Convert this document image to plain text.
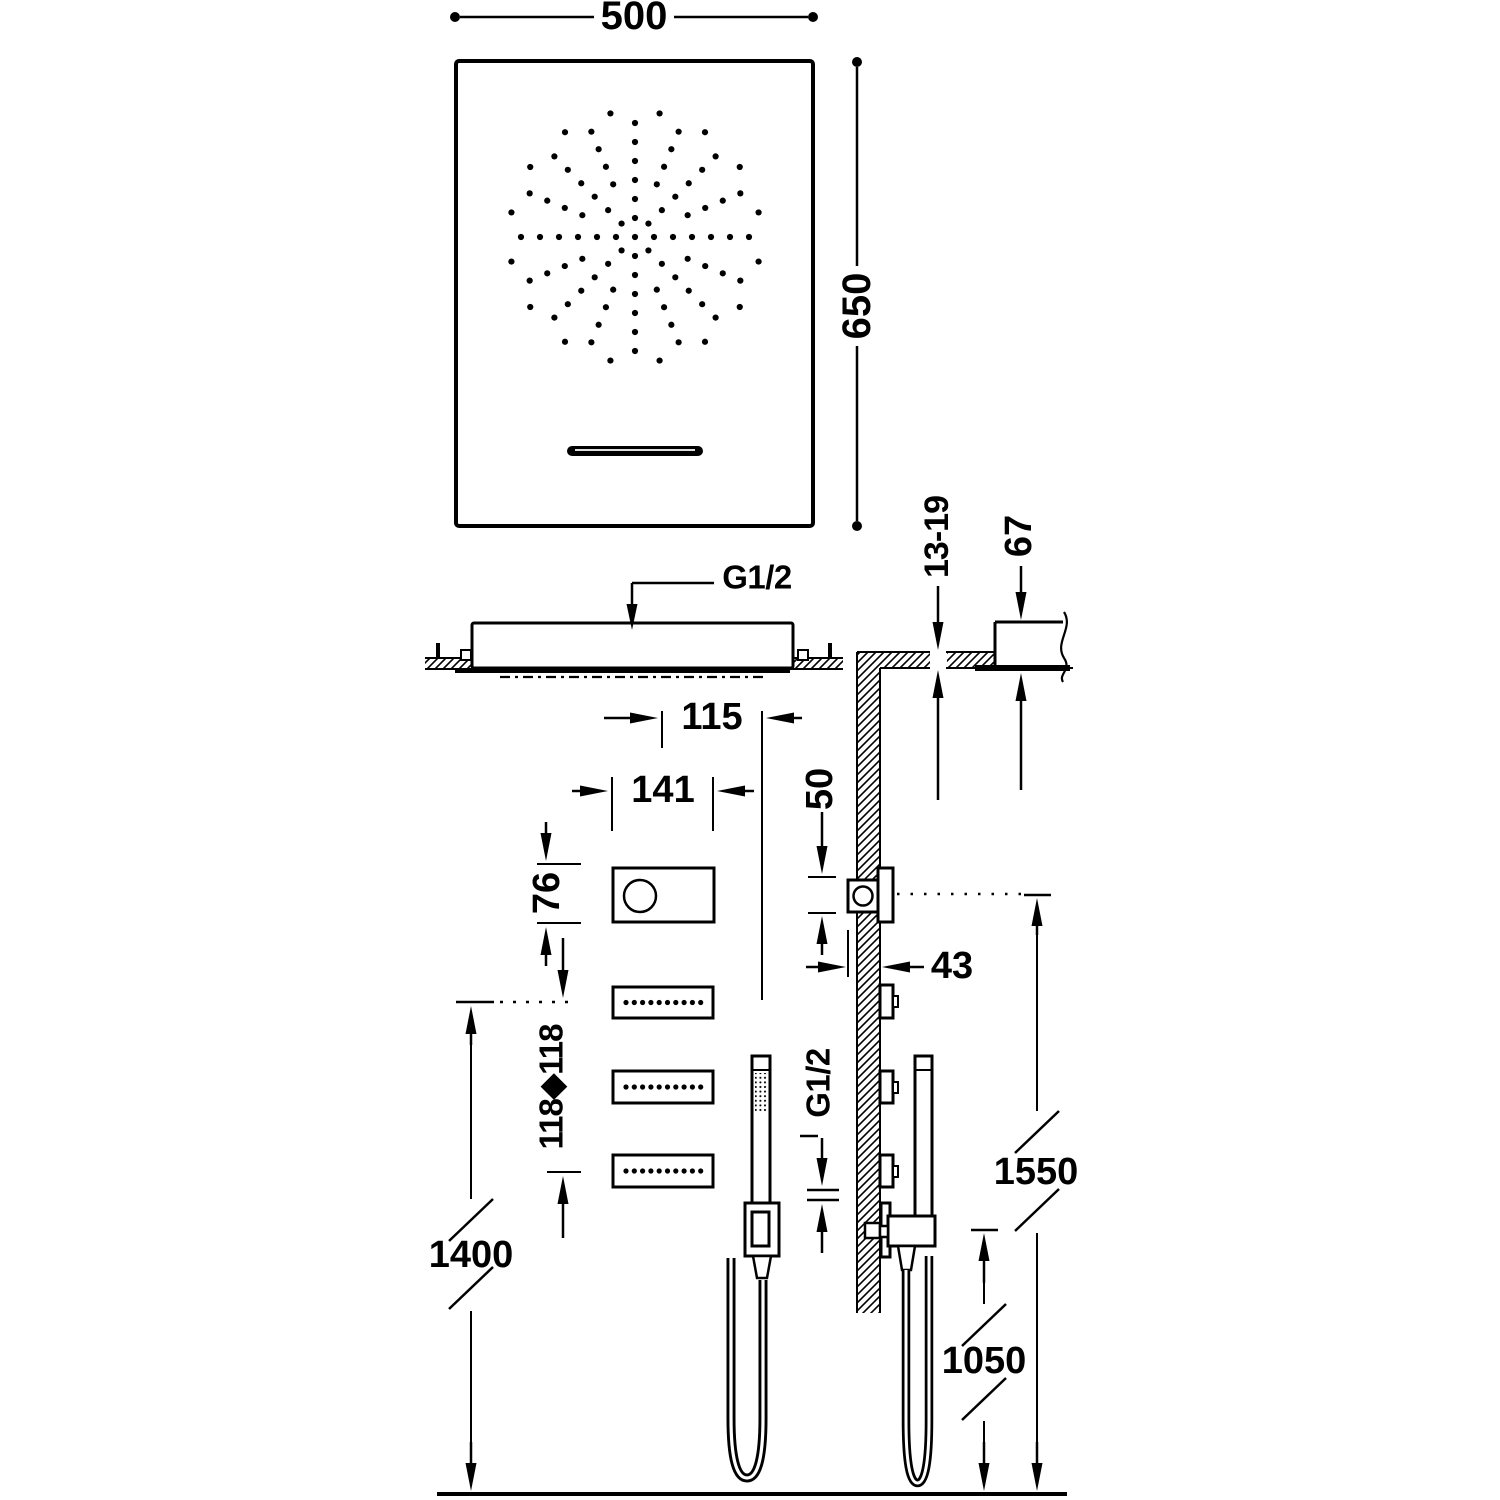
500
650
G1/2	13-19 67
115
141
76
118◆118
1400
50
43
G1/2
1550
1050
